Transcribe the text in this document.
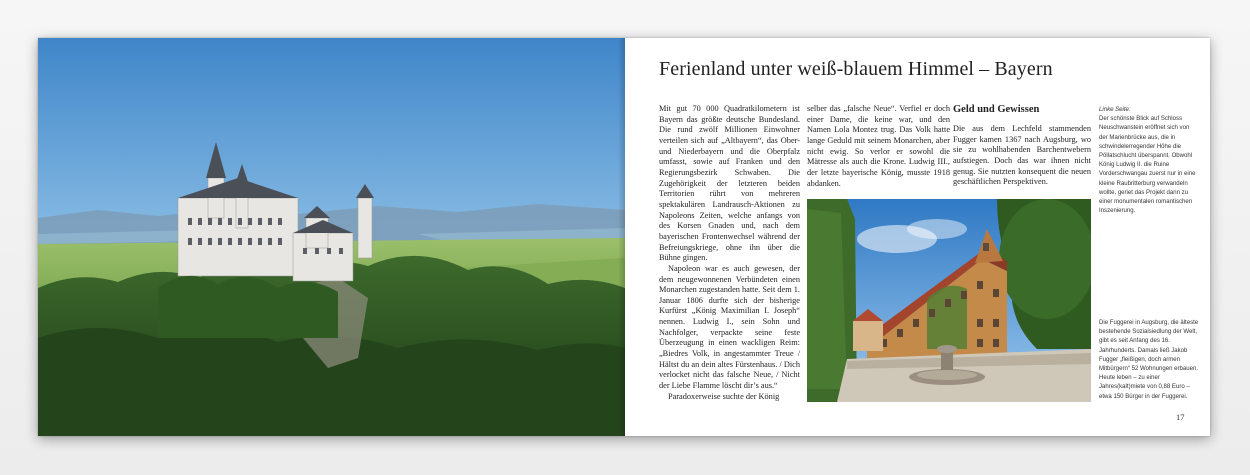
Ferienland unter weiß-blauem Himmel – Bayern

Mit gut 70 000 Quadratkilometern ist Bayern das größte deutsche Bundesland. Die rund zwölf Millionen Einwohner verteilen sich auf „Altbayern“, das Ober- und Niederbayern und die Oberpfalz umfasst, sowie auf Franken und den Regierungsbezirk Schwaben. Die Zugehörigkeit der letzteren beiden Territorien rührt von mehreren spektakulären Landrausch-Aktionen zu Napoleons Zeiten, welche anfangs von des Korsen Gnaden und, nach dem bayerischen Frontenwechsel während der Befreiungskriege, ohne ihn über die Bühne gingen.

Napoleon war es auch gewesen, der dem neugewonnenen Verbündeten einen Monarchen zugestanden hatte. Seit dem 1. Januar 1806 durfte sich der bisherige Kurfürst „König Maximilian I. Joseph“ nennen. Ludwig I., sein Sohn und Nachfolger, verpackte seine feste Überzeugung in einen wackligen Reim: „Biedres Volk, in angestammter Treue / Hältst du an dein altes Fürstenhaus. / Dich verlocket nicht das falsche Neue, / Nicht der Liebe Flamme löscht dir’s aus.“

Paradoxerweise suchte der König

selber das „falsche Neue“. Verfiel er doch einer Dame, die keine war, und den Namen Lola Montez trug. Das Volk hatte lange Geduld mit seinem Monarchen, aber nicht ewig. So verlor er sowohl die Mätresse als auch die Krone. Ludwig III., der letzte bayerische König, musste 1918 abdanken.

Geld und Gewissen

Die aus dem Lechfeld stammenden Fugger kamen 1367 nach Augsburg, wo sie zu wohlhabenden Barchentwebern aufstiegen. Doch das war ihnen nicht genug. Sie nutzten konsequent die neuen geschäftlichen Perspektiven.

Linke Seite:
Der schönste Blick auf Schloss Neuschwanstein eröffnet sich von der Marienbrücke aus, die in schwindelerregender Höhe die Pöllatschlucht überspannt. Obwohl König Ludwig II. die Ruine Vorderschwangau zuerst nur in eine kleine Raubritterburg verwandeln wollte, geriet das Projekt dann zu einer monumentalen romantischen Inszenierung.
Die Fuggerei in Augsburg, die älteste bestehende Sozialsiedlung der Welt, gibt es seit Anfang des 16. Jahrhunderts. Damals ließ Jakob Fugger „fleißigen, doch armen Mitbürgern“ 52 Wohnungen erbauen. Heute leben – zu einer Jahres(kalt)miete von 0,88 Euro – etwa 150 Bürger in der Fuggerei.
17
